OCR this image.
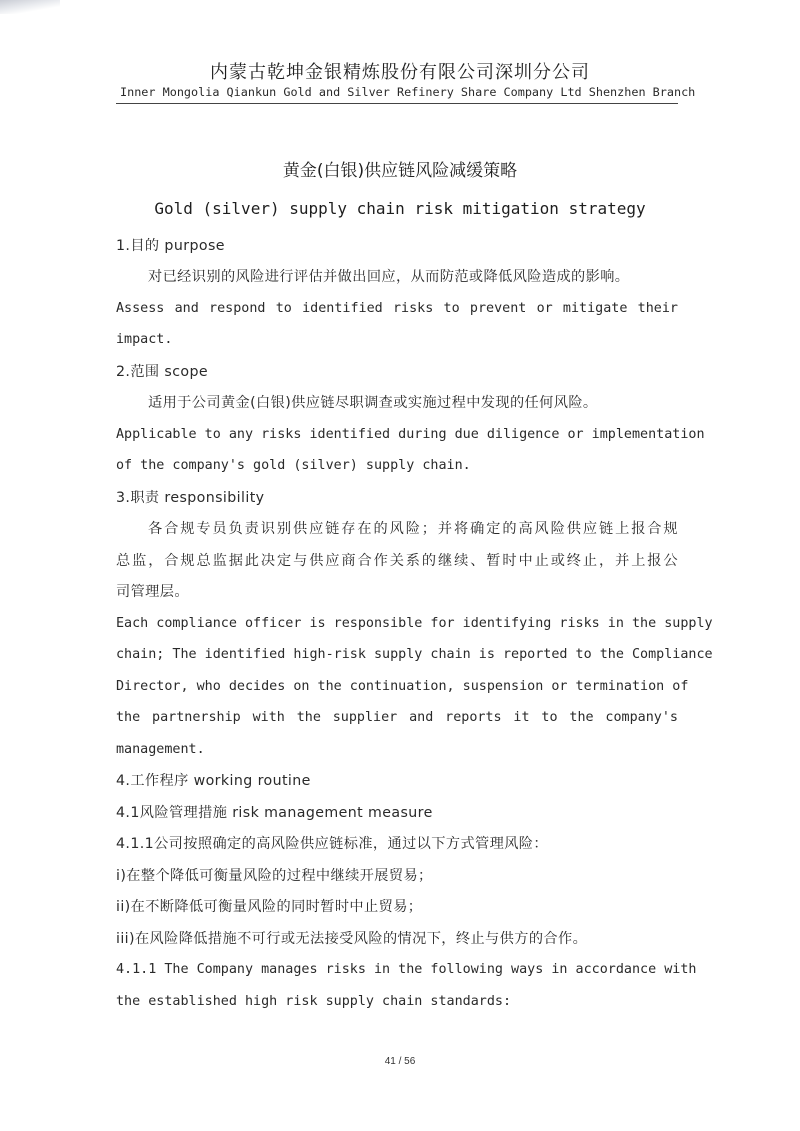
内蒙古乾坤金银精炼股份有限公司深圳分公司
Inner Mongolia Qiankun Gold and Silver Refinery Share Company Ltd Shenzhen Branch
黄金(白银)供应链风险减缓策略
Gold (silver) supply chain risk mitigation strategy
1.目的 purpose
对已经识别的风险进行评估并做出回应，从而防范或降低风险造成的影响。
Assess and respond to identified risks to prevent or mitigate their
impact.
2.范围 scope
适用于公司黄金(白银)供应链尽职调查或实施过程中发现的任何风险。
Applicable to any risks identified during due diligence or implementation
of the company's gold (silver) supply chain.
3.职责 responsibility
各合规专员负责识别供应链存在的风险；并将确定的高风险供应链上报合规
总监，合规总监据此决定与供应商合作关系的继续、暂时中止或终止，并上报公
司管理层。
Each compliance officer is responsible for identifying risks in the supply
chain; The identified high-risk supply chain is reported to the Compliance
Director, who decides on the continuation, suspension or termination of
the partnership with the supplier and reports it to the company's
management.
4.工作程序 working routine
4.1风险管理措施 risk management measure
4.1.1公司按照确定的高风险供应链标准，通过以下方式管理风险：
i)在整个降低可衡量风险的过程中继续开展贸易；
ii)在不断降低可衡量风险的同时暂时中止贸易；
iii)在风险降低措施不可行或无法接受风险的情况下，终止与供方的合作。
4.1.1 The Company manages risks in the following ways in accordance with
the established high risk supply chain standards:
41 / 56
